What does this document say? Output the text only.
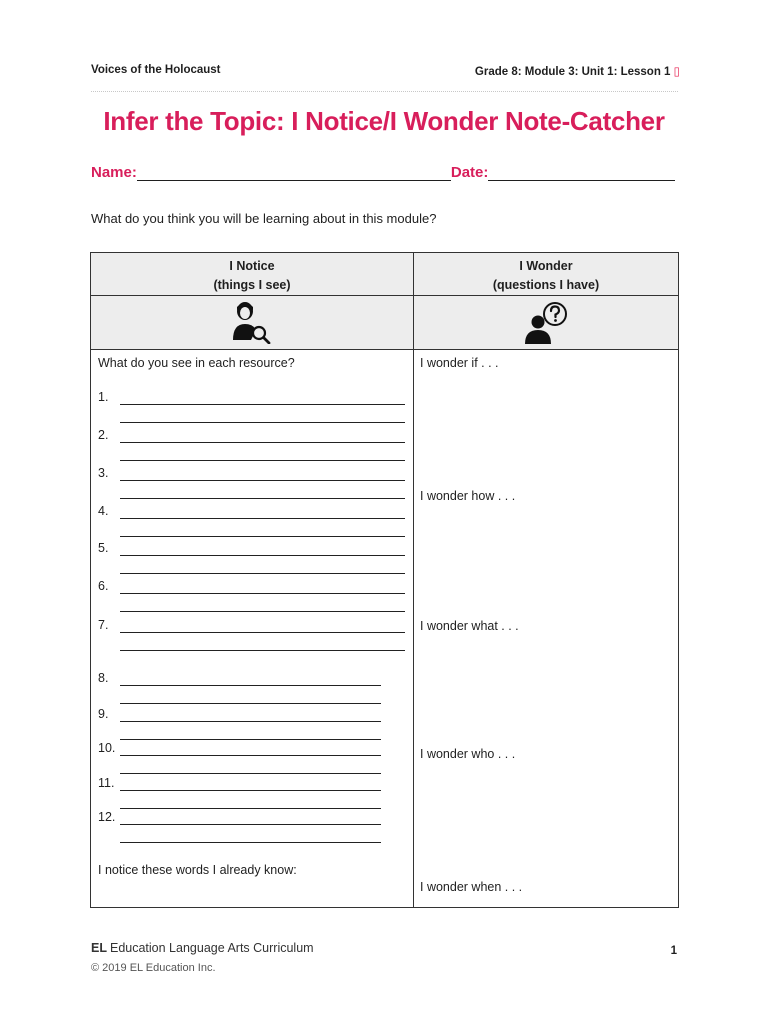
Voices of the Holocaust	Grade 8: Module 3: Unit 1: Lesson 1 ▯
Infer the Topic: I Notice/I Wonder Note-Catcher
Name:	Date:
What do you think you will be learning about in this module?
I Notice
(things I see)
I Wonder
(questions I have)
What do you see in each resource?
I notice these words I already know:
1.
2.
3.
4.
5.
6.
7.
8.
9.
10.
11.
12.
I wonder if . . .
I wonder how . . .
I wonder what . . .
I wonder who . . .
I wonder when . . .
EL Education Language Arts Curriculum
© 2019 EL Education Inc.
1
